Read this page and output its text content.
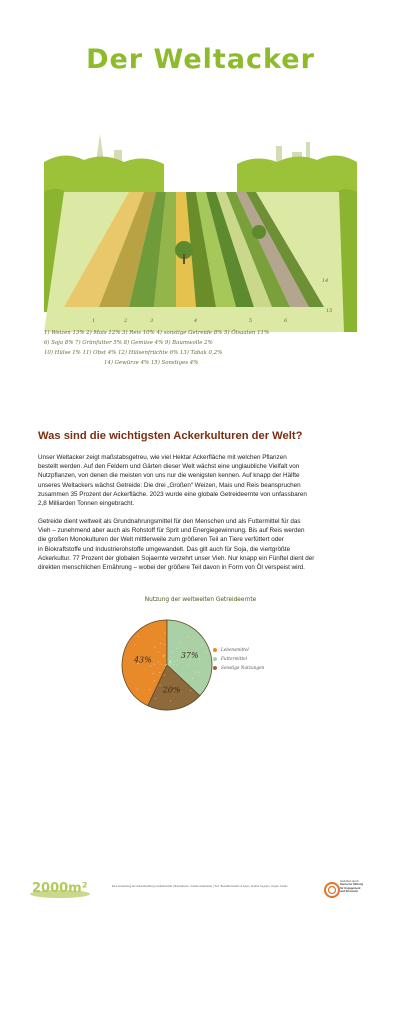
Der Weltacker
1	2	3	4	5	6
14
15
1) Weizen 13% 2) Mais 12% 3) Reis 10% 4) sonstige Getreide 8% 5) Ölsaaten 11%
6) Soja 8% 7) Grünfutter 5% 8) Gemüse 4% 9) Baumwolle 2%
10) Hülse 1% 11) Obst 4% 12) Hülsenfrüchte 6% 13) Tabak 0,2%
14) Gewürze 4% 15) Sonstiges 4%
Was sind die wichtigsten Ackerkulturen der Welt?
Unser Weltacker zeigt maßstabsgetreu, wie viel Hektar Ackerfläche mit welchen Pflanzen
bestellt werden. Auf den Feldern und Gärten dieser Welt wächst eine unglaubliche Vielfalt von
Nutzpflanzen, von denen die meisten von uns nur die wenigsten kennen. Auf knapp der Hälfte
unseres Weltackers wächst Getreide: Die drei „Großen“ Weizen, Mais und Reis beanspruchen
zusammen 35 Prozent der Ackerfläche. 2023 wurde eine globale Getreideernte von unfassbaren
2,8 Milliarden Tonnen eingebracht.
Getreide dient weltweit als Grundnahrungsmittel für den Menschen und als Futtermittel für das
Vieh – zunehmend aber auch als Rohstoff für Sprit und Energiegewinnung. Bis auf Reis werden
die großen Monokulturen der Welt mittlerweile zum größeren Teil an Tiere verfüttert oder
in Biokraftstoffe und Industrierohstoffe umgewandelt. Das gilt auch für Soja, die viertgrößte
Ackerkultur. 77 Prozent der globalen Sojaernte verzehrt unser Vieh. Nur knapp ein Fünftel dient der
direkten menschlichen Ernährung – wobei der größere Teil davon in Form von Öl verspeist wird.
Nutzung der weltweiten Getreideernte
43%	37%
20%
Lebensmittel
Futtermittel
Sonstige Nutzungen
2000m²	Eine Ausstellung der Zukunftsstiftung Landwirtschaft | Illustrationen: Andrea Grabowsky | Text: Benedikt Haerlin & Jaymi, Andrea Cuypers, Jürgen Jordan
Gefördert durch
Deutsche Stiftung
für Engagement
und Ehrenamt
